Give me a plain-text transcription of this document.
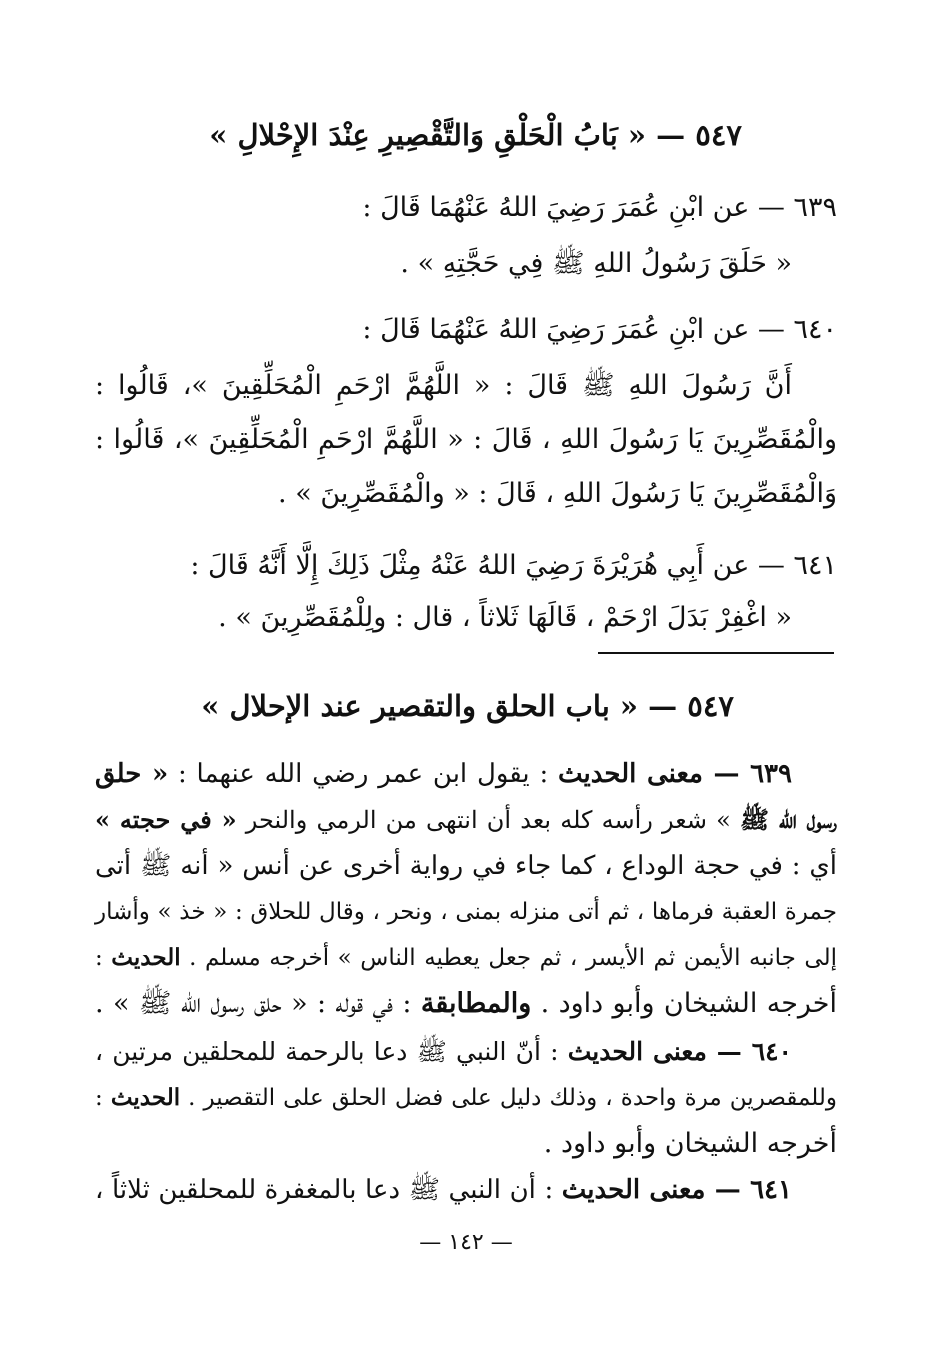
٥٤٧ — « بَابُ الْحَلْقِ وَالتَّقْصِيرِ عِنْدَ الإِحْلالِ »
٦٣٩ — عن ابْنِ عُمَرَ رَضِيَ اللهُ عَنْهُمَا قَالَ :
« حَلَقَ رَسُولُ اللهِ ﷺ فِي حَجَّتِهِ » .
٦٤٠ — عن ابْنِ عُمَرَ رَضِيَ اللهُ عَنْهُمَا قَالَ :
أَنَّ رَسُولَ اللهِ ﷺ قَالَ : « اللَّهُمَّ ارْحَمِ الْمُحَلِّقِينَ »، قَالُوا :
والْمُقَصِّرِينَ يَا رَسُولَ اللهِ ، قَالَ : « اللَّهُمَّ ارْحَمِ الْمُحَلِّقِينَ »، قَالُوا :
وَالْمُقَصِّرِينَ يَا رَسُولَ اللهِ ، قَالَ : « والْمُقَصِّرِينَ » .
٦٤١ — عن أَبِي هُرَيْرَةَ رَضِيَ اللهُ عَنْهُ مِثْلَ ذَلِكَ إِلَّا أَنَّهُ قَالَ :
« اغْفِرْ بَدَلَ ارْحَمْ ، قَالَهَا ثَلاثاً ، قال : ولِلْمُقَصِّرِينَ » .
٥٤٧ — « باب الحلق والتقصير عند الإحلال »
٦٣٩ — معنى الحديث : يقول ابن عمر رضي الله عنهما : « حلق
رسول الله ﷺ » شعر رأسه كله بعد أن انتهى من الرمي والنحر « في حجته »
أي : في حجة الوداع ، كما جاء في رواية أخرى عن أنس « أنه ﷺ أتى
جمرة العقبة فرماها ، ثم أتى منزله بمنى ، ونحر ، وقال للحلاق : « خذ » وأشار
إلى جانبه الأيمن ثم الأيسر ، ثم جعل يعطيه الناس » أخرجه مسلم . الحديث :
أخرجه الشيخان وأبو داود . والمطابقة : في قوله : « حلق رسول الله ﷺ » .
٦٤٠ — معنى الحديث : أنّ النبي ﷺ دعا بالرحمة للمحلقين مرتين ،
وللمقصرين مرة واحدة ، وذلك دليل على فضل الحلق على التقصير . الحديث :
أخرجه الشيخان وأبو داود .
٦٤١ — معنى الحديث : أن النبي ﷺ دعا بالمغفرة للمحلقين ثلاثاً ،
— ١٤٢ —
